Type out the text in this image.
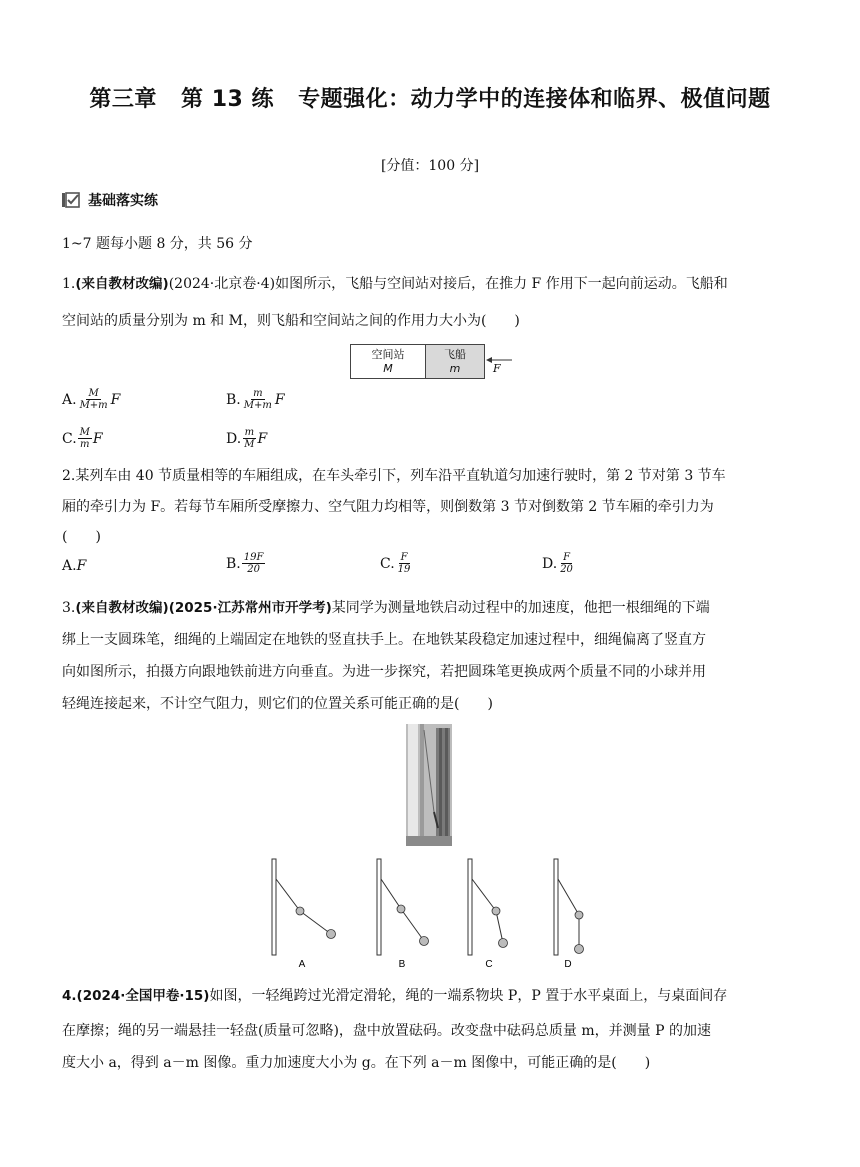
第三章 第 13 练 专题强化：动力学中的连接体和临界、极值问题
[分值：100 分]
基础落实练
1~7 题每小题 8 分，共 56 分
1.(来自教材改编)(2024·北京卷·4)如图所示，飞船与空间站对接后，在推力 F 作用下一起向前运动。飞船和
空间站的质量分别为 m 和 M，则飞船和空间站之间的作用力大小为(　　)
空间站
M
飞船
m	F
A. $\frac{M}{M+m}$ F	B. $\frac{m}{M+m}$ F
C. $\frac{M}{m}$ F	D. $\frac{m}{M}$ F
2.某列车由 40 节质量相等的车厢组成，在车头牵引下，列车沿平直轨道匀加速行驶时，第 2 节对第 3 节车
厢的牵引力为 F。若每节车厢所受摩擦力、空气阻力均相等，则倒数第 3 节对倒数第 2 节车厢的牵引力为
(　　)
A. F	B. $\frac{19F}{20}$	C. $\frac{F}{19}$	D. $\frac{F}{20}$
3.(来自教材改编)(2025·江苏常州市开学考)某同学为测量地铁启动过程中的加速度，他把一根细绳的下端
绑上一支圆珠笔，细绳的上端固定在地铁的竖直扶手上。在地铁某段稳定加速过程中，细绳偏离了竖直方
向如图所示，拍摄方向跟地铁前进方向垂直。为进一步探究，若把圆珠笔更换成两个质量不同的小球并用
轻绳连接起来，不计空气阻力，则它们的位置关系可能正确的是(　　)
A	B	C	D
4.(2024·全国甲卷·15)如图，一轻绳跨过光滑定滑轮，绳的一端系物块 P，P 置于水平桌面上，与桌面间存
在摩擦；绳的另一端悬挂一轻盘(质量可忽略)，盘中放置砝码。改变盘中砝码总质量 m，并测量 P 的加速
度大小 a，得到 a－m 图像。重力加速度大小为 g。在下列 a－m 图像中，可能正确的是(　　)
